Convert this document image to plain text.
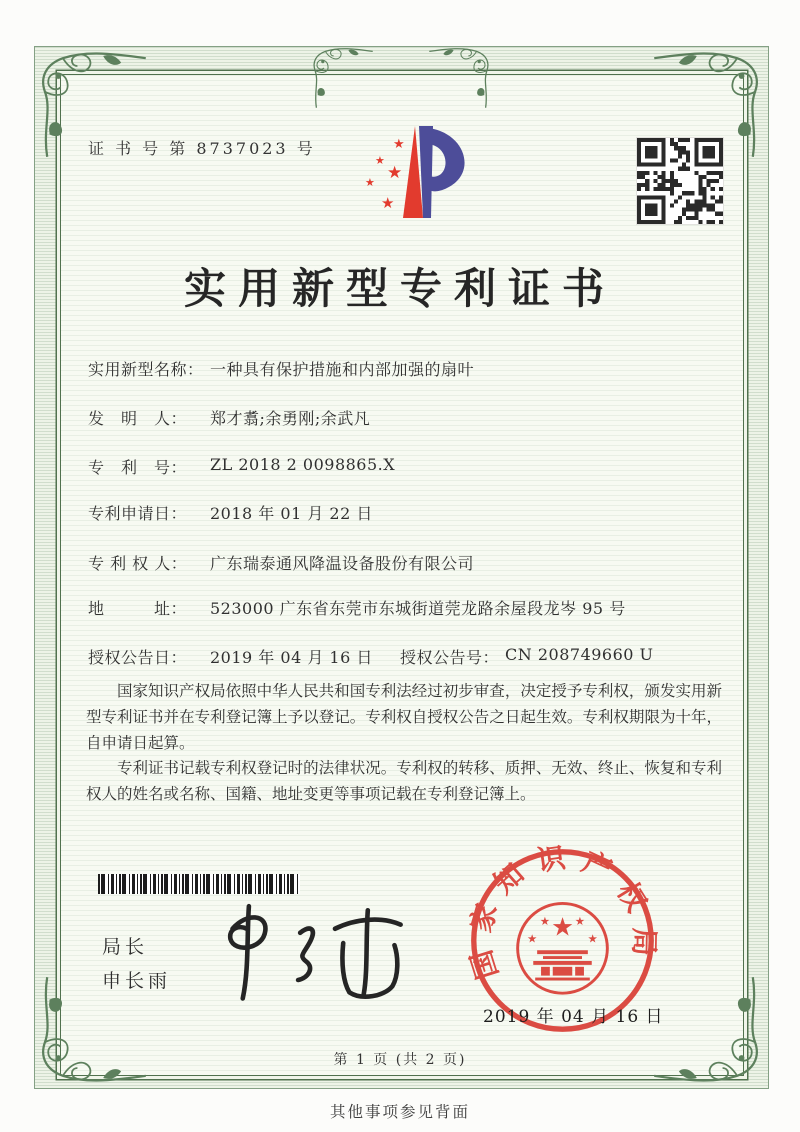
证 书 号 第 8737023 号	★
★
★
★
★
实用新型专利证书
实用新型名称： 一种具有保护措施和内部加强的扇叶
发　明　人：	郑才翥;余勇刚;余武凡
专　利　号：	ZL 2018 2 0098865.X
专利申请日：	2018 年 01 月 22 日
专 利 权 人：	广东瑞泰通风降温设备股份有限公司
地　　　址：	523000 广东省东莞市东城街道莞龙路余屋段龙岑 95 号
授权公告日：	2019 年 04 月 16 日 授权公告号： CN 208749660 U

国家知识产权局依照中华人民共和国专利法经过初步审查，决定授予专利权，颁发实用新型专利证书并在专利登记簿上予以登记。专利权自授权公告之日起生效。专利权期限为十年，自申请日起算。

专利证书记载专利权登记时的法律状况。专利权的转移、质押、无效、终止、恢复和专利权人的姓名或名称、国籍、地址变更等事项记载在专利登记簿上。

局长
申长雨	国家知识产权局
★
★
★ ★
★
2019 年 04 月 16 日
第 1 页 (共 2 页)
其他事项参见背面
